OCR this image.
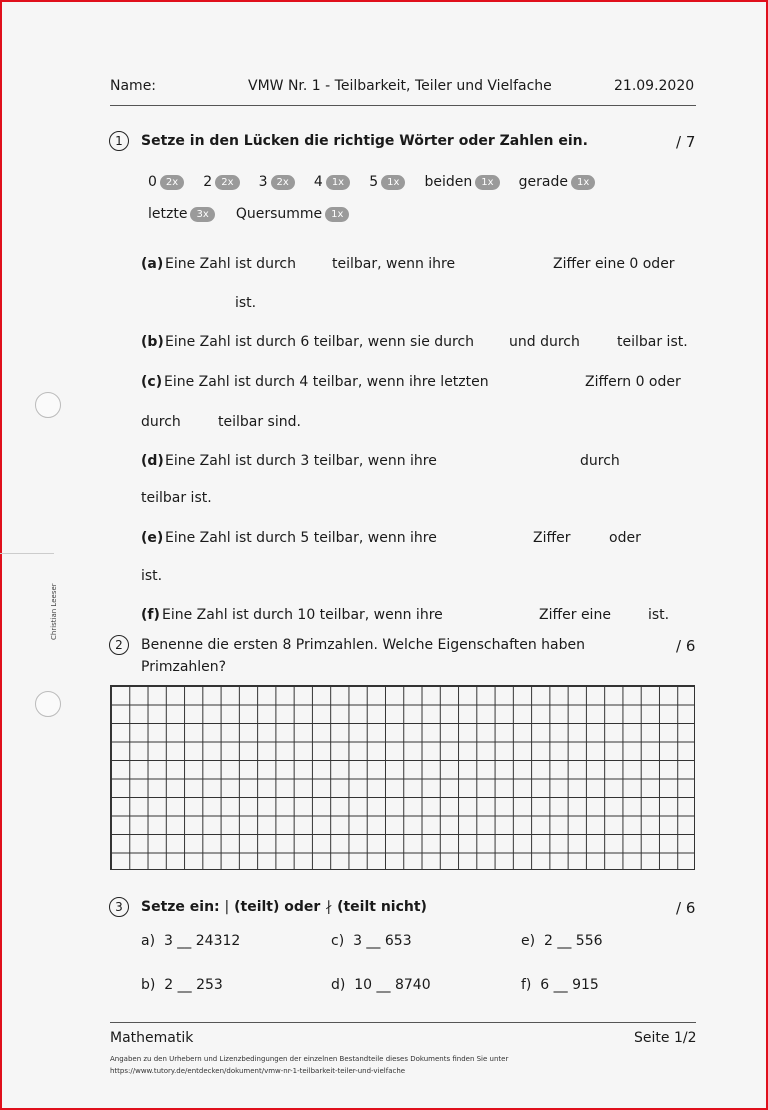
Christian Leeser
Name:	VMW Nr. 1 - Teilbarkeit, Teiler und Vielfache	21.09.2020
1	Setze in den Lücken die richtige Wörter oder Zahlen ein.	/ 7
0 2x 2 2x 3 2x 4 1x 5 1x beiden 1x gerade 1x
letzte 3x Quersumme 1x
(a) Eine Zahl ist durch	teilbar, wenn ihre	Ziffer eine 0 oder
ist.
(b) Eine Zahl ist durch 6 teilbar, wenn sie durch und durch	teilbar ist.
(c) Eine Zahl ist durch 4 teilbar, wenn ihre letzten	Ziffern 0 oder
durch	teilbar sind.
(d) Eine Zahl ist durch 3 teilbar, wenn ihre	durch
teilbar ist.
(e) Eine Zahl ist durch 5 teilbar, wenn ihre	Ziffer	oder
ist.
(f) Eine Zahl ist durch 10 teilbar, wenn ihre	Ziffer eine	ist.
2	Benenne die ersten 8 Primzahlen. Welche Eigenschaften haben
Primzahlen?
/ 6
3	Setze ein: | (teilt) oder ∤ (teilt nicht)	/ 6
a) 3 __ 24312	c) 3 __ 653	e) 2 __ 556
b) 2 __ 253	d) 10 __ 8740	f) 6 __ 915
Mathematik	Seite 1/2
Angaben zu den Urhebern und Lizenzbedingungen der einzelnen Bestandteile dieses Dokuments finden Sie unter
https://www.tutory.de/entdecken/dokument/vmw-nr-1-teilbarkeit-teiler-und-vielfache
